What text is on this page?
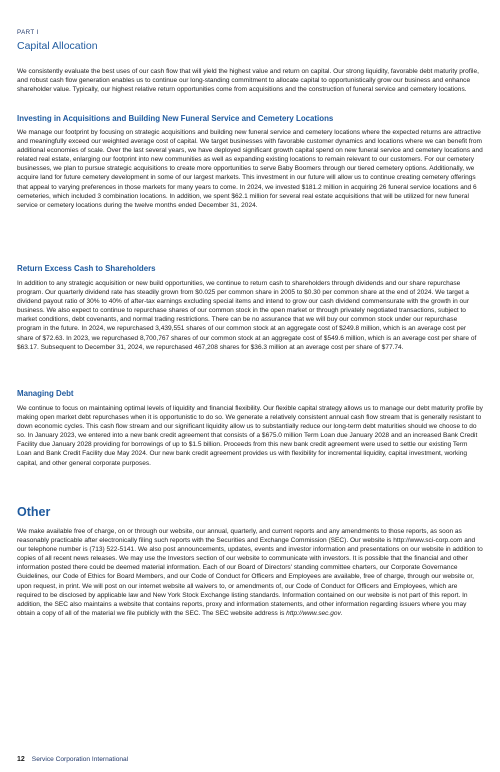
PART I
Capital Allocation

We consistently evaluate the best uses of our cash flow that will yield the highest value and return on capital. Our strong liquidity, favorable debt maturity profile, and robust cash flow generation enables us to continue our long-standing commitment to allocate capital to opportunistically grow our business and enhance shareholder value. Typically, our highest relative return opportunities come from acquisitions and the construction of funeral service and cemetery locations.

Investing in Acquisitions and Building New Funeral Service and Cemetery Locations

We manage our footprint by focusing on strategic acquisitions and building new funeral service and cemetery locations where the expected returns are attractive and meaningfully exceed our weighted average cost of capital. We target businesses with favorable customer dynamics and locations where we can benefit from additional economies of scale. Over the last several years, we have deployed significant growth capital spend on new funeral service and cemetery locations and related real estate, enlarging our footprint into new communities as well as expanding existing locations to remain relevant to our customers. For our cemetery businesses, we plan to pursue strategic acquisitions to create more opportunities to serve Baby Boomers through our tiered cemetery options. Additionally, we acquire land for future cemetery development in some of our largest markets. This investment in our future will allow us to continue creating cemetery offerings that appeal to varying preferences in those markets for many years to come. In 2024, we invested $181.2 million in acquiring 26 funeral service locations and 6 cemeteries, which included 3 combination locations. In addition, we spent $62.1 million for several real estate acquisitions that will be utilized for new funeral service or cemetery locations during the twelve months ended December 31, 2024.

Return Excess Cash to Shareholders

In addition to any strategic acquisition or new build opportunities, we continue to return cash to shareholders through dividends and our share repurchase program. Our quarterly dividend rate has steadily grown from $0.025 per common share in 2005 to $0.30 per common share at the end of 2024. We target a dividend payout ratio of 30% to 40% of after-tax earnings excluding special items and intend to grow our cash dividend commensurate with the growth in our business. We also expect to continue to repurchase shares of our common stock in the open market or through privately negotiated transactions, subject to market conditions, debt covenants, and normal trading restrictions. There can be no assurance that we will buy our common stock under our repurchase program in the future. In 2024, we repurchased 3,439,551 shares of our common stock at an aggregate cost of $249.8 million, which is an average cost per share of $72.63. In 2023, we repurchased 8,700,767 shares of our common stock at an aggregate cost of $549.6 million, which is an average cost per share of $63.17. Subsequent to December 31, 2024, we repurchased 467,208 shares for $36.3 million at an average cost per share of $77.74.

Managing Debt

We continue to focus on maintaining optimal levels of liquidity and financial flexibility. Our flexible capital strategy allows us to manage our debt maturity profile by making open market debt repurchases when it is opportunistic to do so. We generate a relatively consistent annual cash flow stream that is generally resistant to down economic cycles. This cash flow stream and our significant liquidity allow us to substantially reduce our long-term debt maturities should we choose to do so. In January 2023, we entered into a new bank credit agreement that consists of a $675.0 million Term Loan due January 2028 and an increased Bank Credit Facility due January 2028 providing for borrowings of up to $1.5 billion. Proceeds from this new bank credit agreement were used to settle our existing Term Loan and Bank Credit Facility due May 2024. Our new bank credit agreement provides us with flexibility for incremental liquidity, capital investment, working capital, and other general corporate purposes.

Other

We make available free of charge, on or through our website, our annual, quarterly, and current reports and any amendments to those reports, as soon as reasonably practicable after electronically filing such reports with the Securities and Exchange Commission (SEC). Our website is http://www.sci-corp.com and our telephone number is (713) 522-5141. We also post announcements, updates, events and investor information and presentations on our website in addition to copies of all recent news releases. We may use the Investors section of our website to communicate with investors. It is possible that the financial and other information posted there could be deemed material information. Each of our Board of Directors' standing committee charters, our Corporate Governance Guidelines, our Code of Ethics for Board Members, and our Code of Conduct for Officers and Employees are available, free of charge, through our website or, upon request, in print. We will post on our internet website all waivers to, or amendments of, our Code of Conduct for Officers and Employees, which are required to be disclosed by applicable law and New York Stock Exchange listing standards. Information contained on our website is not part of this report. In addition, the SEC also maintains a website that contains reports, proxy and information statements, and other information regarding issuers where you may obtain a copy of all of the material we file publicly with the SEC. The SEC website address is http://www.sec.gov.

12 Service Corporation International
